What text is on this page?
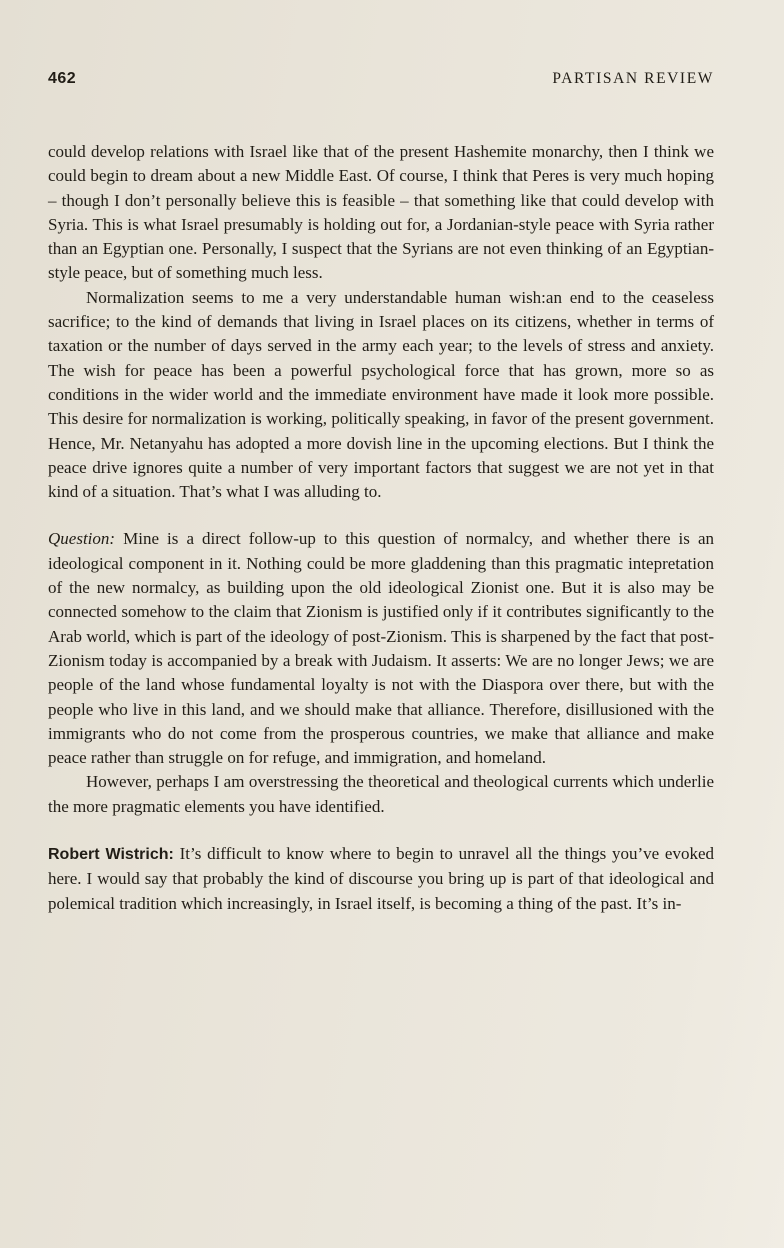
462	PARTISAN REVIEW

could develop relations with Israel like that of the present Hashemite monarchy, then I think we could begin to dream about a new Middle East. Of course, I think that Peres is very much hoping – though I don’t personally believe this is feasible – that something like that could develop with Syria. This is what Israel presumably is holding out for, a Jordanian-style peace with Syria rather than an Egyptian one. Personally, I suspect that the Syrians are not even thinking of an Egyptian-style peace, but of something much less.

Normalization seems to me a very understandable human wish:an end to the ceaseless sacrifice; to the kind of demands that living in Israel places on its citizens, whether in terms of taxation or the number of days served in the army each year; to the levels of stress and anxiety. The wish for peace has been a powerful psychological force that has grown, more so as conditions in the wider world and the immediate environment have made it look more possible. This desire for normalization is working, politically speaking, in favor of the present government. Hence, Mr. Netanyahu has adopted a more dovish line in the upcoming elections. But I think the peace drive ignores quite a number of very important factors that suggest we are not yet in that kind of a situation. That’s what I was alluding to.

Question: Mine is a direct follow-up to this question of normalcy, and whether there is an ideological component in it. Nothing could be more gladdening than this pragmatic intepretation of the new normalcy, as building upon the old ideological Zionist one. But it is also may be connected somehow to the claim that Zionism is justified only if it contributes significantly to the Arab world, which is part of the ideology of post-Zionism. This is sharpened by the fact that post-Zionism today is accompanied by a break with Judaism. It asserts: We are no longer Jews; we are people of the land whose fundamental loyalty is not with the Diaspora over there, but with the people who live in this land, and we should make that alliance. Therefore, disillusioned with the immigrants who do not come from the prosperous countries, we make that alliance and make peace rather than struggle on for refuge, and immigration, and homeland.

However, perhaps I am overstressing the theoretical and theological currents which underlie the more pragmatic elements you have identified.

Robert Wistrich: It’s difficult to know where to begin to unravel all the things you’ve evoked here. I would say that probably the kind of discourse you bring up is part of that ideological and polemical tradition which increasingly, in Israel itself, is becoming a thing of the past. It’s in-
